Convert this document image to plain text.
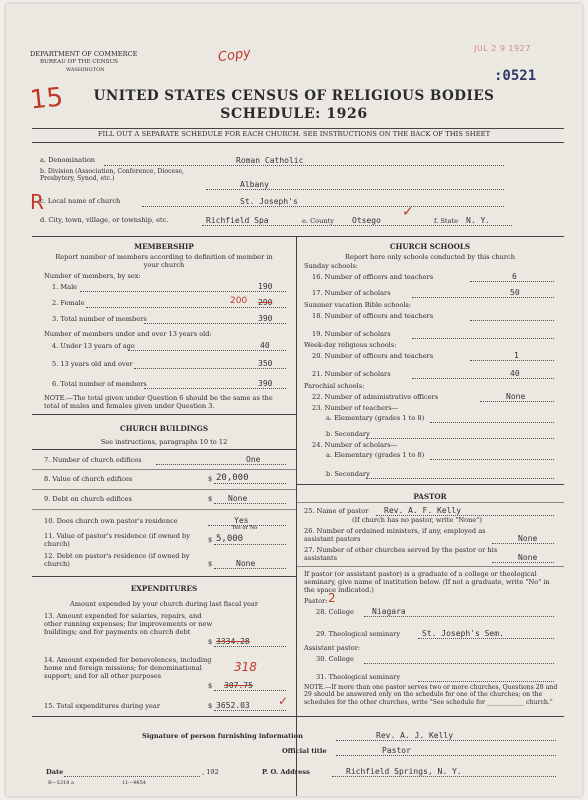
DEPARTMENT OF COMMERCE
BUREAU OF THE CENSUS
WASHINGTON
Copy	JUL 2 9 1927
:0521
15	UNITED STATES CENSUS OF RELIGIOUS BODIES
SCHEDULE: 1926
FILL OUT A SEPARATE SCHEDULE FOR EACH CHURCH. SEE INSTRUCTIONS ON THE BACK OF THIS SHEET
a. Denomination	Roman Catholic
b. Division (Association, Conference, Diocese, Presbytery, Synod, etc.)
Albany
R
c. Local name of church	St. Joseph's
d. City, town, village, or township, etc.	Richfield Spa	e. County Otsego
✓
f. State N. Y.
MEMBERSHIP
Report number of members according to definition of member in your church
Number of members, by sex:
1. Male	190
2. Female	200 290
3. Total number of members	390
Number of members under and over 13 years old:
4. Under 13 years of age	40
5. 13 years old and over	350
6. Total number of members	390
NOTE.—The total given under Question 6 should be the same as the total of males and females given under Question 3.
CHURCH BUILDINGS
See instructions, paragraphs 10 to 12
7. Number of church edifices	One
8. Value of church edifices	$ 20,000
9. Debt on church edifices	$ None
10. Does church own pastor's residence	Yes
Yes or No
11. Value of pastor's residence (if owned by church)	$ 5,000
12. Debt on pastor's residence (if owned by church)	$	None
EXPENDITURES
Amount expended by your church during last fiscal year
13. Amount expended for salaries, repairs, and other running expenses; for improvements or new buildings; and for payments on church debt
$ 3334.28
14. Amount expended for benevolences, including home and foreign missions; for denominational support; and for all other purposes
318
$ 307.75
15. Total expenditures during year	$ 3652.03 ✓
CHURCH SCHOOLS
Report here only schools conducted by this church
Sunday schools:
16. Number of officers and teachers	6
17. Number of scholars	50
Summer vacation Bible schools:
18. Number of officers and teachers
19. Number of scholars
Week-day religious schools:
20. Number of officers and teachers	1
21. Number of scholars	40
Parochial schools:
22. Number of administrative officers	None
23. Number of teachers—
a. Elementary (grades 1 to 8)
b. Secondary
24. Number of scholars—
a. Elementary (grades 1 to 8)
b. Secondary
PASTOR
25. Name of pastor Rev. A. F. Kelly
(If church has no pastor, write "None")
26. Number of ordained ministers, if any, employed as assistant pastors	None
27. Number of other churches served by the pastor or his assistants	None
If pastor (or assistant pastor) is a graduate of a college or theological seminary, give name of institution below. (If not a graduate, write "No" in the space indicated.)
Pastor: 2
28. College Niagara
29. Theological seminary	St. Joseph's Sem.
Assistant pastor:
30. College
31. Theological seminary
NOTE.—If more than one pastor serves two or more churches, Questions 28 and 29 should be answered only on the schedule for one of the churches; on the schedules for the other churches, write "See schedule for ____________ church."
Signature of person furnishing information	Rev. A. J. Kelly
Official title	Pastor
Date	, 192	P. O. Address	Richfield Springs, N. Y.
B—5318 a	11—9654
